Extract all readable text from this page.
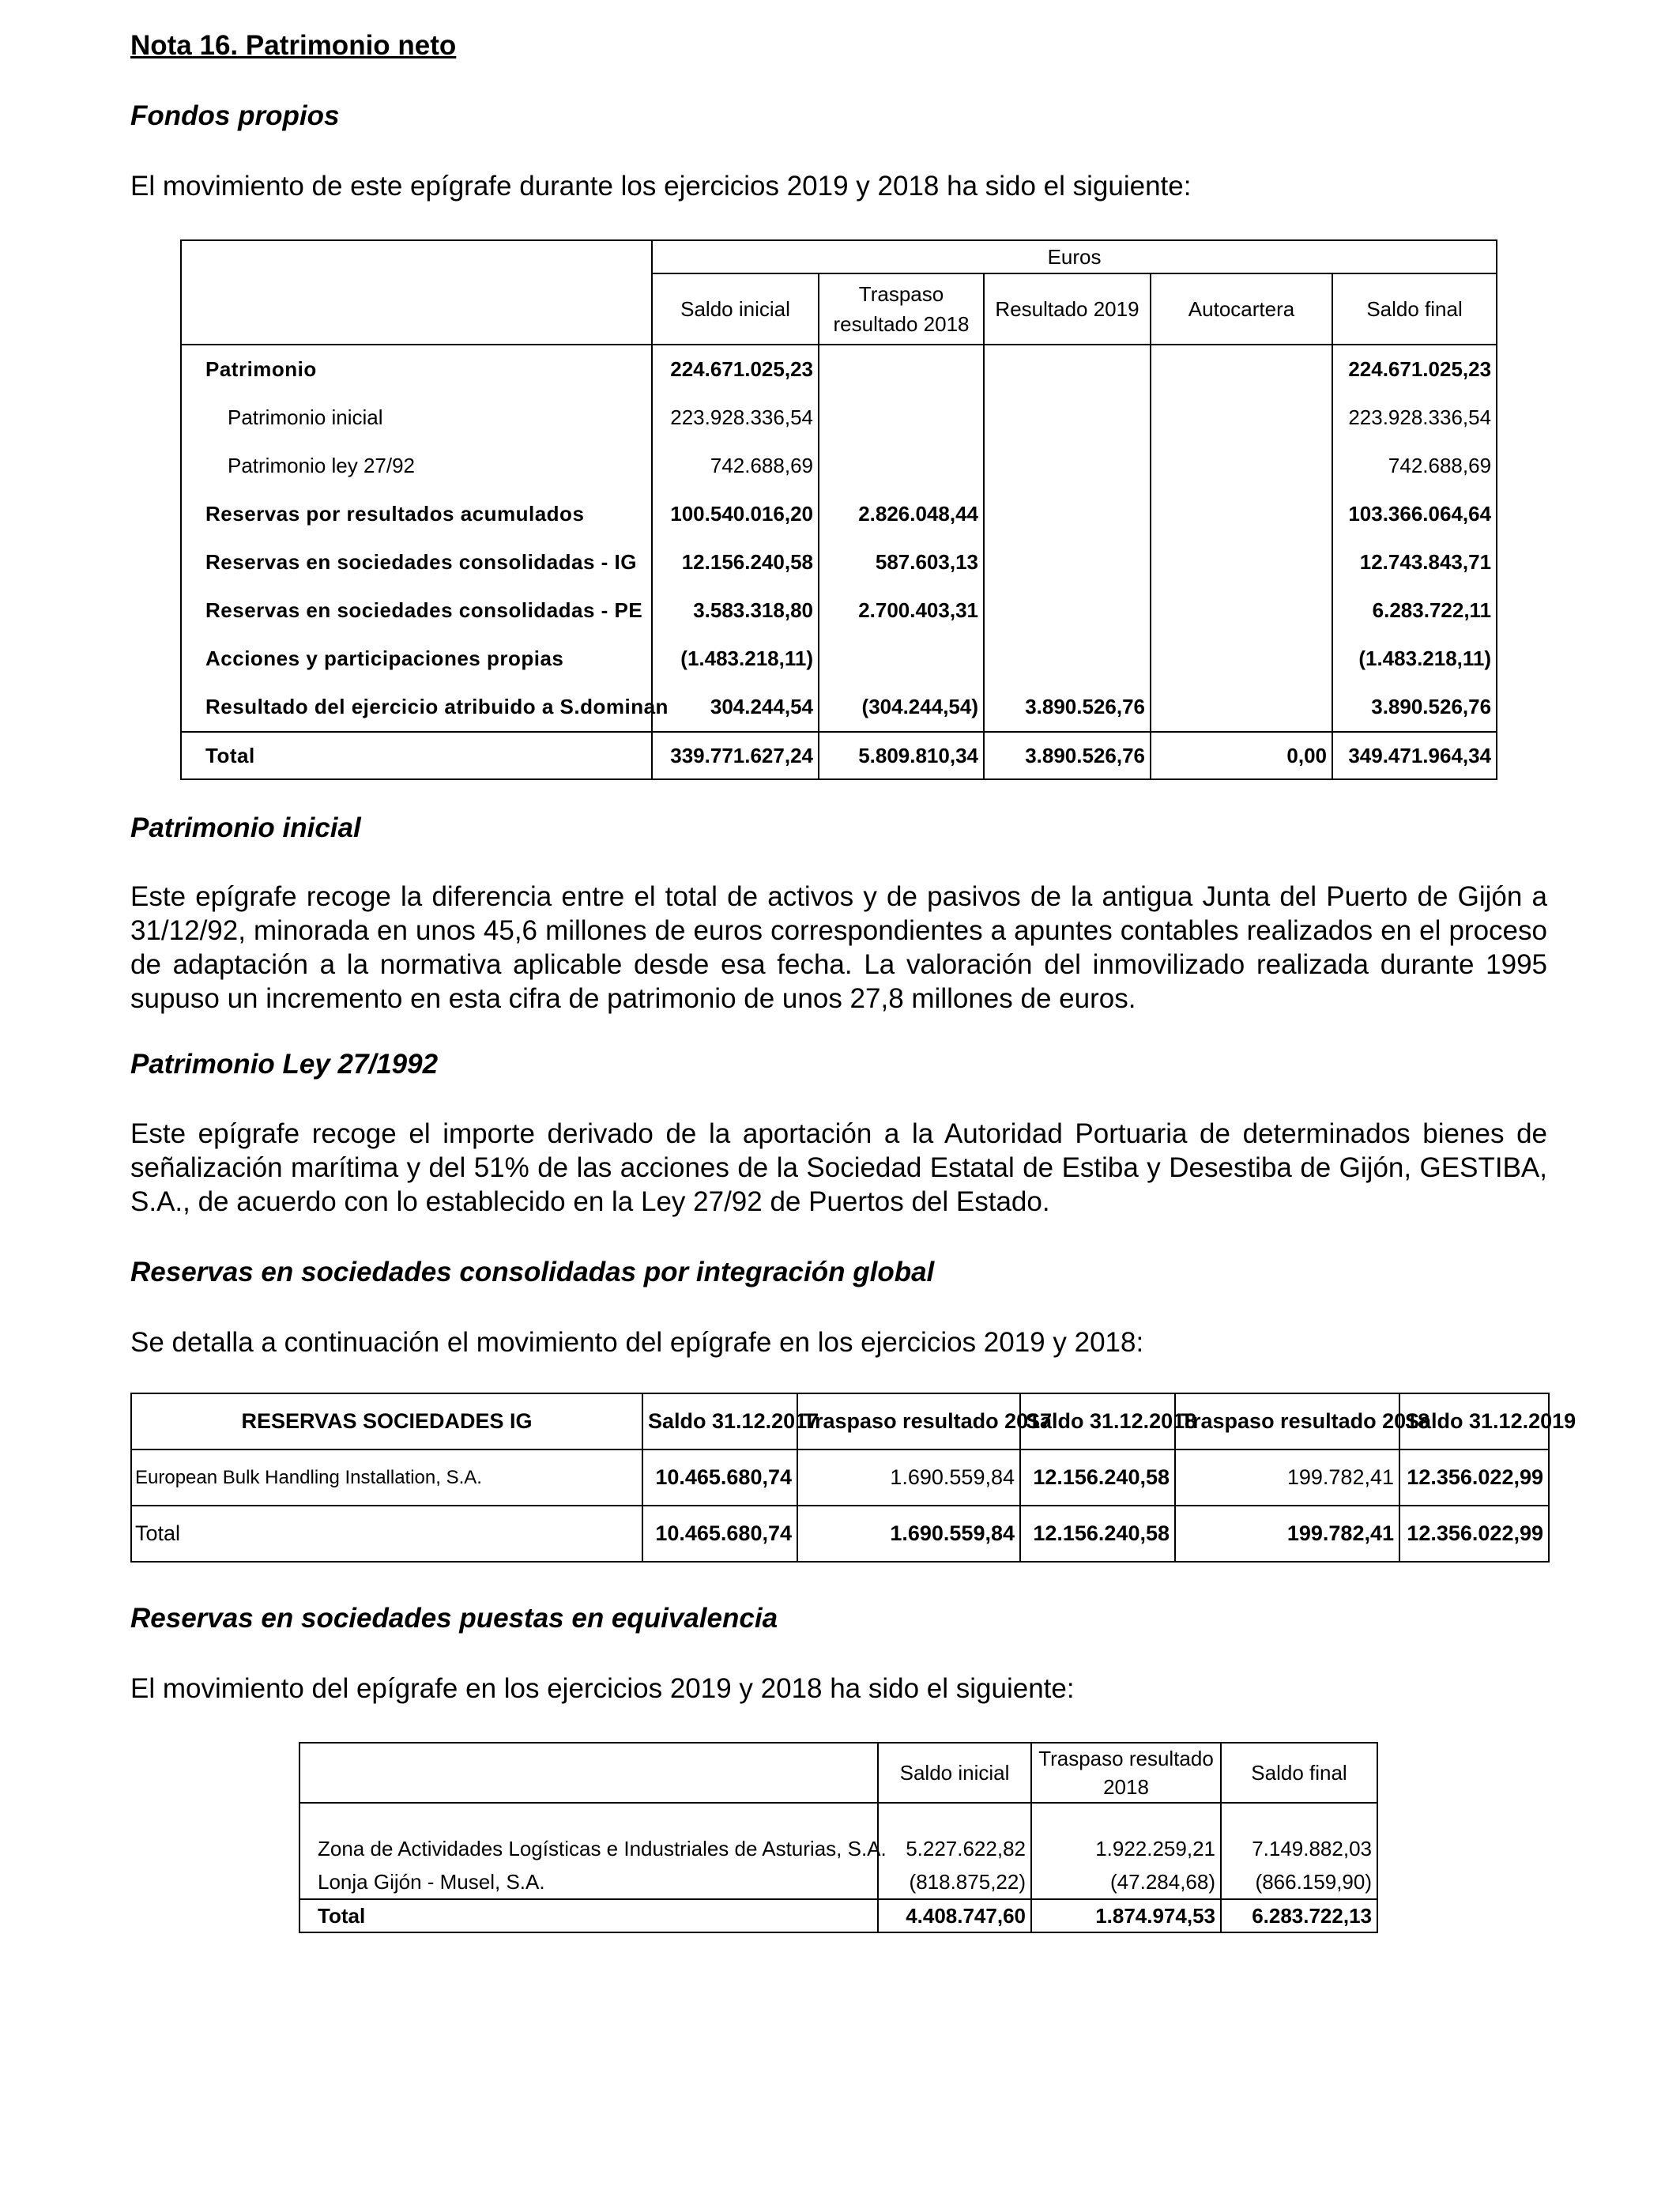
Nota 16. Patrimonio neto
Fondos propios
El movimiento de este epígrafe durante los ejercicios 2019 y 2018 ha sido el siguiente:
	Euros				
	Saldo inicial	Traspaso resultado 2018	Resultado 2019	Autocartera	Saldo final
Patrimonio	224.671.025,23				224.671.025,23
Patrimonio inicial	223.928.336,54				223.928.336,54
Patrimonio ley 27/92	742.688,69				742.688,69
Reservas por resultados acumulados	100.540.016,20	2.826.048,44			103.366.064,64
Reservas en sociedades consolidadas - IG	12.156.240,58	587.603,13			12.743.843,71
Reservas en sociedades consolidadas - PE	3.583.318,80	2.700.403,31			6.283.722,11
Acciones y participaciones propias	(1.483.218,11)				(1.483.218,11)
Resultado del ejercicio atribuido a S.dominan	304.244,54	(304.244,54)	3.890.526,76		3.890.526,76
Total	339.771.627,24	5.809.810,34	3.890.526,76	0,00	349.471.964,34
Patrimonio inicial
Este epígrafe recoge la diferencia entre el total de activos y de pasivos de la antigua Junta del Puerto de Gijón a 31/12/92, minorada en unos 45,6 millones de euros correspondientes a apuntes contables realizados en el proceso de adaptación a la normativa aplicable desde esa fecha. La valoración del inmovilizado realizada durante 1995 supuso un incremento en esta cifra de patrimonio de unos 27,8 millones de euros.
Patrimonio Ley 27/1992
Este epígrafe recoge el importe derivado de la aportación a la Autoridad Portuaria de determinados bienes de señalización marítima y del 51% de las acciones de la Sociedad Estatal de Estiba y Desestiba de Gijón, GESTIBA, S.A., de acuerdo con lo establecido en la Ley 27/92 de Puertos del Estado.
Reservas en sociedades consolidadas por integración global
Se detalla a continuación el movimiento del epígrafe en los ejercicios 2019 y 2018:
RESERVAS SOCIEDADES IG	Saldo 31.12.2017	Traspaso resultado 2017	Saldo 31.12.2018	Traspaso resultado 2018	Saldo 31.12.2019
European Bulk Handling Installation, S.A.	10.465.680,74	1.690.559,84	12.156.240,58	199.782,41	12.356.022,99
Total	10.465.680,74	1.690.559,84	12.156.240,58	199.782,41	12.356.022,99
Reservas en sociedades puestas en equivalencia
El movimiento del epígrafe en los ejercicios 2019 y 2018 ha sido el siguiente:
	Saldo inicial	Traspaso resultado 2018	Saldo final

Zona de Actividades Logísticas e Industriales de Asturias, S.A.	5.227.622,82	1.922.259,21	7.149.882,03
Lonja Gijón - Musel, S.A.	(818.875,22)	(47.284,68)	(866.159,90)
Total	4.408.747,60	1.874.974,53	6.283.722,13
